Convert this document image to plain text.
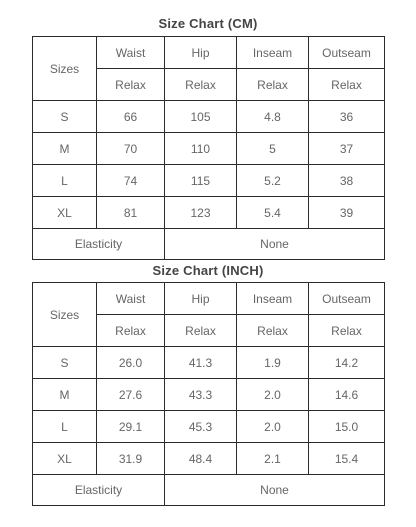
Size Chart (CM)
Sizes	Waist	Hip	Inseam	Outseam
	Relax	Relax	Relax	Relax
S	66	105	4.8	36
M	70	110	5	37
L	74	115	5.2	38
XL	81	123	5.4	39
Elasticity		None		
Size Chart (INCH)
Sizes	Waist	Hip	Inseam	Outseam
	Relax	Relax	Relax	Relax
S	26.0	41.3	1.9	14.2
M	27.6	43.3	2.0	14.6
L	29.1	45.3	2.0	15.0
XL	31.9	48.4	2.1	15.4
Elasticity		None		
